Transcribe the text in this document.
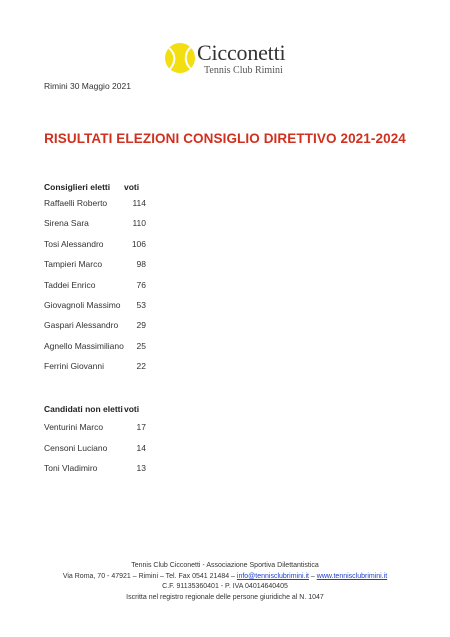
Cicconetti
Tennis Club Rimini
Rimini 30 Maggio 2021
RISULTATI ELEZIONI CONSIGLIO DIRETTIVO 2021-2024
Consiglieri eletti voti
Raffaelli Roberto	114
Sirena Sara	110
Tosi Alessandro	106
Tampieri Marco	98
Taddei Enrico	76
Giovagnoli Massimo	53
Gaspari Alessandro	29
Agnello Massimiliano	25
Ferrini Giovanni	22
Candidati non eletti voti
Venturini Marco	17
Censoni Luciano	14
Toni Vladimiro	13
Tennis Club Cicconetti - Associazione Sportiva Dilettantistica
Via Roma, 70 - 47921 – Rimini – Tel. Fax 0541 21484 – info@tennisclubrimini.it – www.tennisclubrimini.it
C.F. 91135360401 - P. IVA 04014640405
Iscritta nel registro regionale delle persone giuridiche al N. 1047
